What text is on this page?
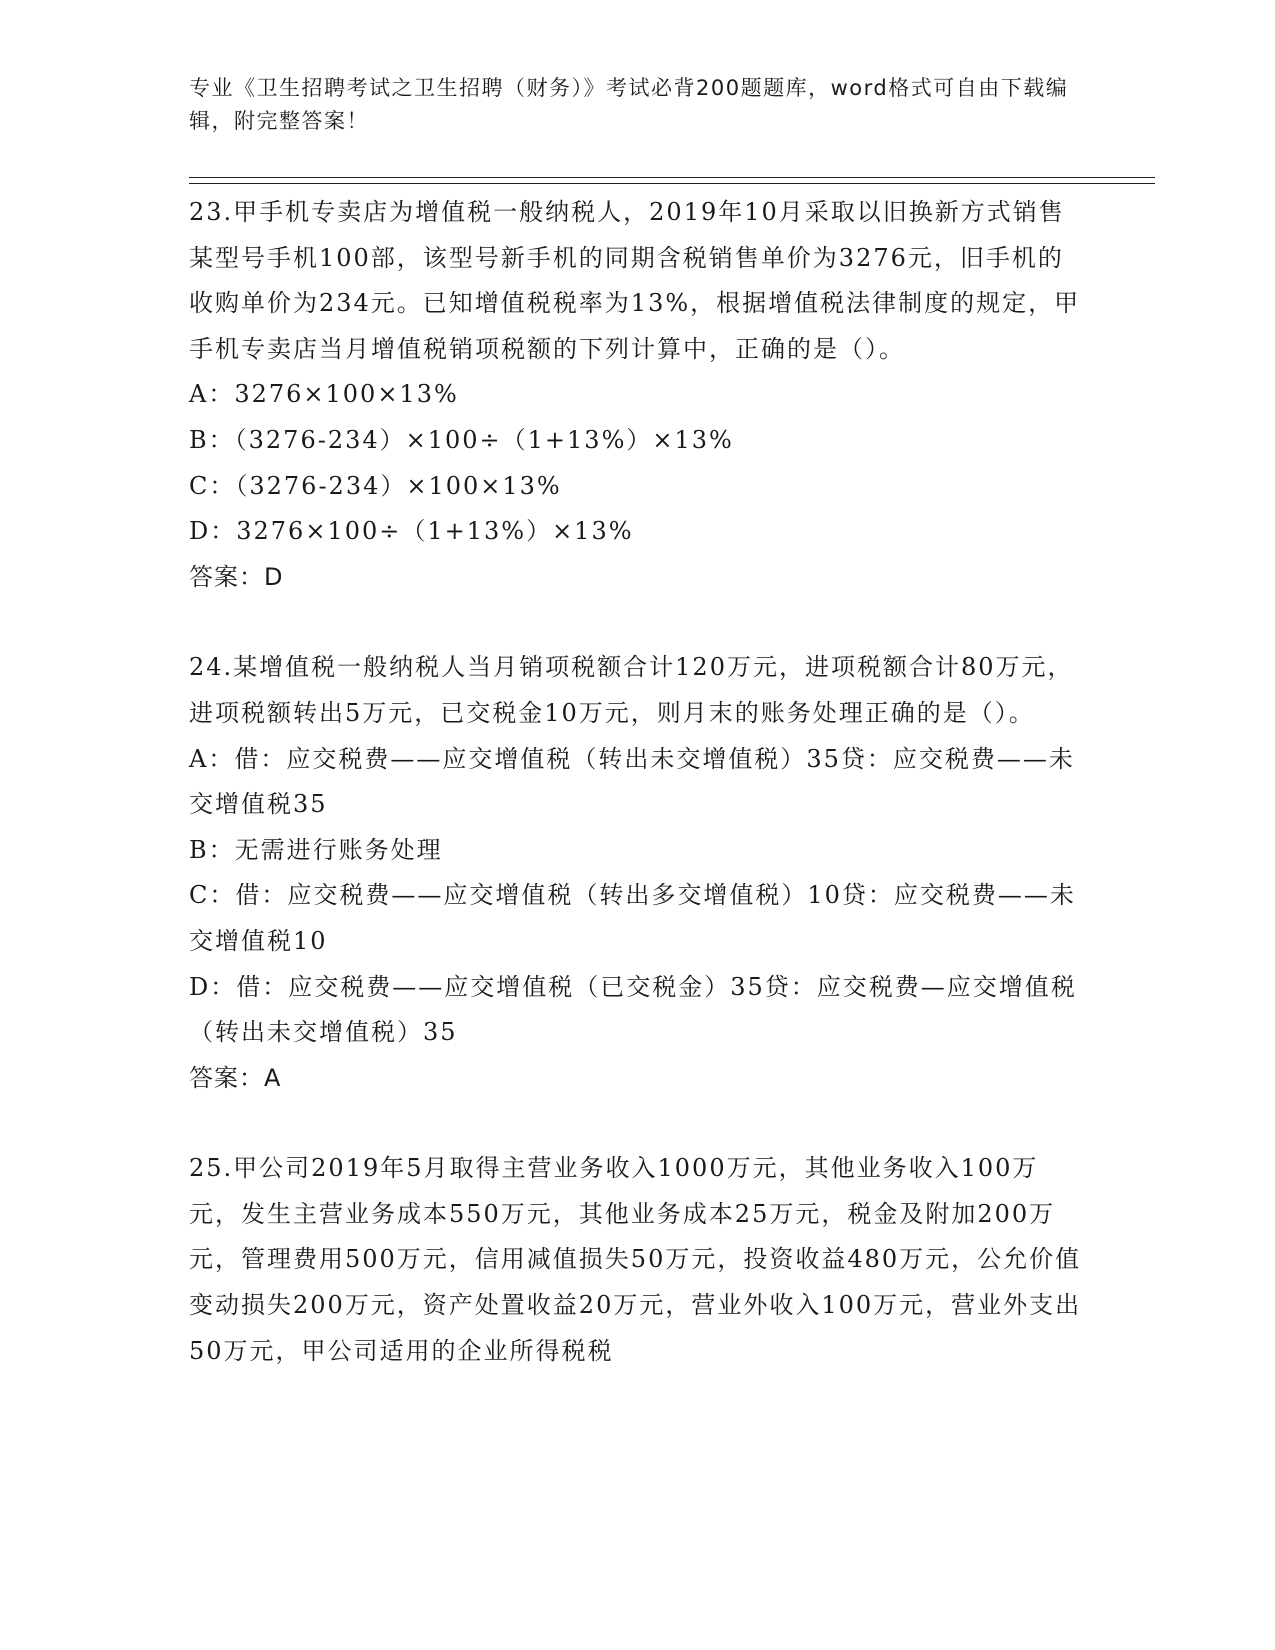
专业《卫生招聘考试之卫生招聘（财务）》考试必背200题题库，word格式可自由下载编辑，附完整答案！

23.甲手机专卖店为增值税一般纳税人，2019年10月采取以旧换新方式销售某型号手机100部，该型号新手机的同期含税销售单价为3276元，旧手机的收购单价为234元。已知增值税税率为13%，根据增值税法律制度的规定，甲手机专卖店当月增值税销项税额的下列计算中，正确的是（）。

A：3276×100×13%

B：（3276-234）×100÷（1+13%）×13%

C：（3276-234）×100×13%

D：3276×100÷（1+13%）×13%

答案：D

24.某增值税一般纳税人当月销项税额合计120万元，进项税额合计80万元，进项税额转出5万元，已交税金10万元，则月末的账务处理正确的是（）。

A：借：应交税费——应交增值税（转出未交增值税）35贷：应交税费——未交增值税35

B：无需进行账务处理

C：借：应交税费——应交增值税（转出多交增值税）10贷：应交税费——未交增值税10

D：借：应交税费——应交增值税（已交税金）35贷：应交税费—应交增值税（转出未交增值税）35

答案：A

25.甲公司2019年5月取得主营业务收入1000万元，其他业务收入100万元，发生主营业务成本550万元，其他业务成本25万元，税金及附加200万元，管理费用500万元，信用减值损失50万元，投资收益480万元，公允价值变动损失200万元，资产处置收益20万元，营业外收入100万元，营业外支出50万元，甲公司适用的企业所得税税
